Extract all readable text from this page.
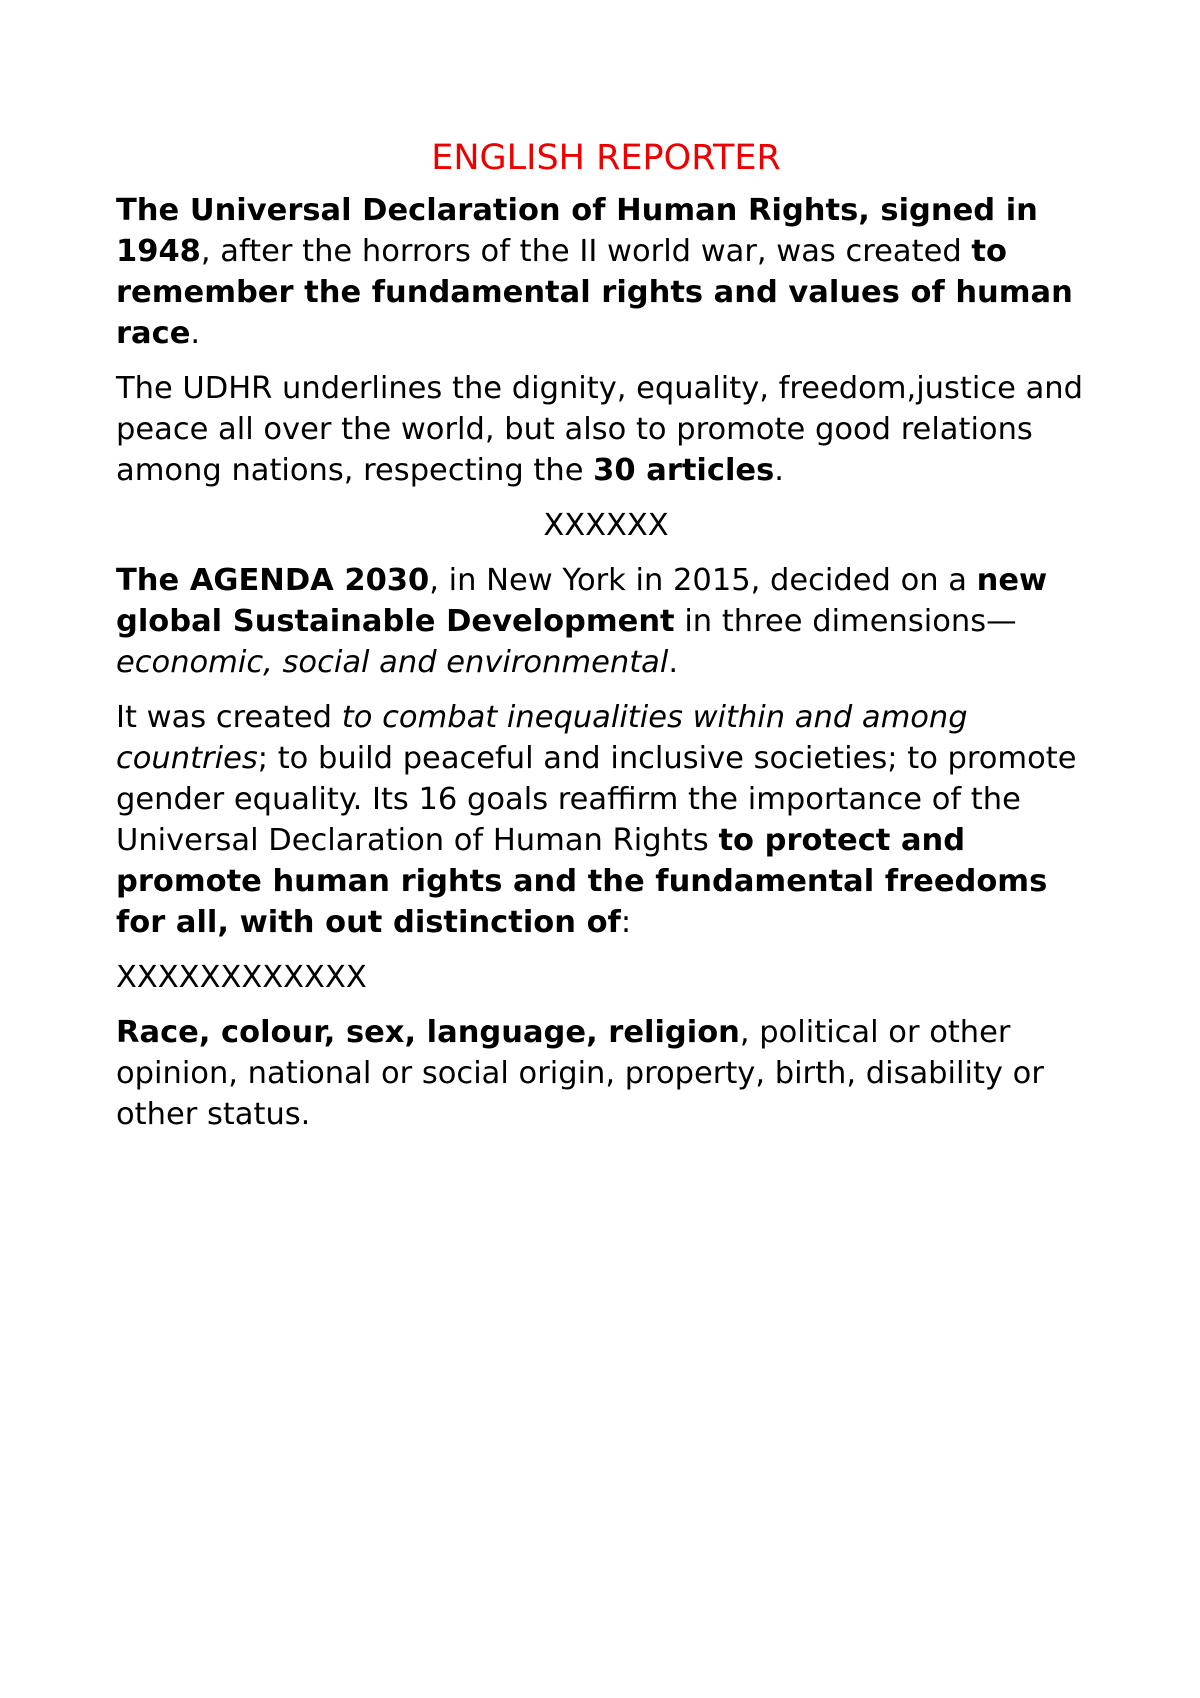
ENGLISH REPORTER

The Universal Declaration of Human Rights, signed in 1948, after the horrors of the II world war, was created to remember the fundamental rights and values of human race.

The UDHR underlines the dignity, equality, freedom,justice and peace all over the world, but also to promote good relations among nations, respecting the 30 articles.

XXXXXX

The AGENDA 2030, in New York in 2015, decided on a new global Sustainable Development in three dimensions—economic, social and environmental.

It was created to combat inequalities within and among countries; to build peaceful and inclusive societies; to promote gender equality. Its 16 goals reaffirm the importance of the Universal Declaration of Human Rights to protect and promote human rights and the fundamental freedoms for all, with out distinction of:

XXXXXXXXXXXX

Race, colour, sex, language, religion, political or other opinion, national or social origin, property, birth, disability or other status.
